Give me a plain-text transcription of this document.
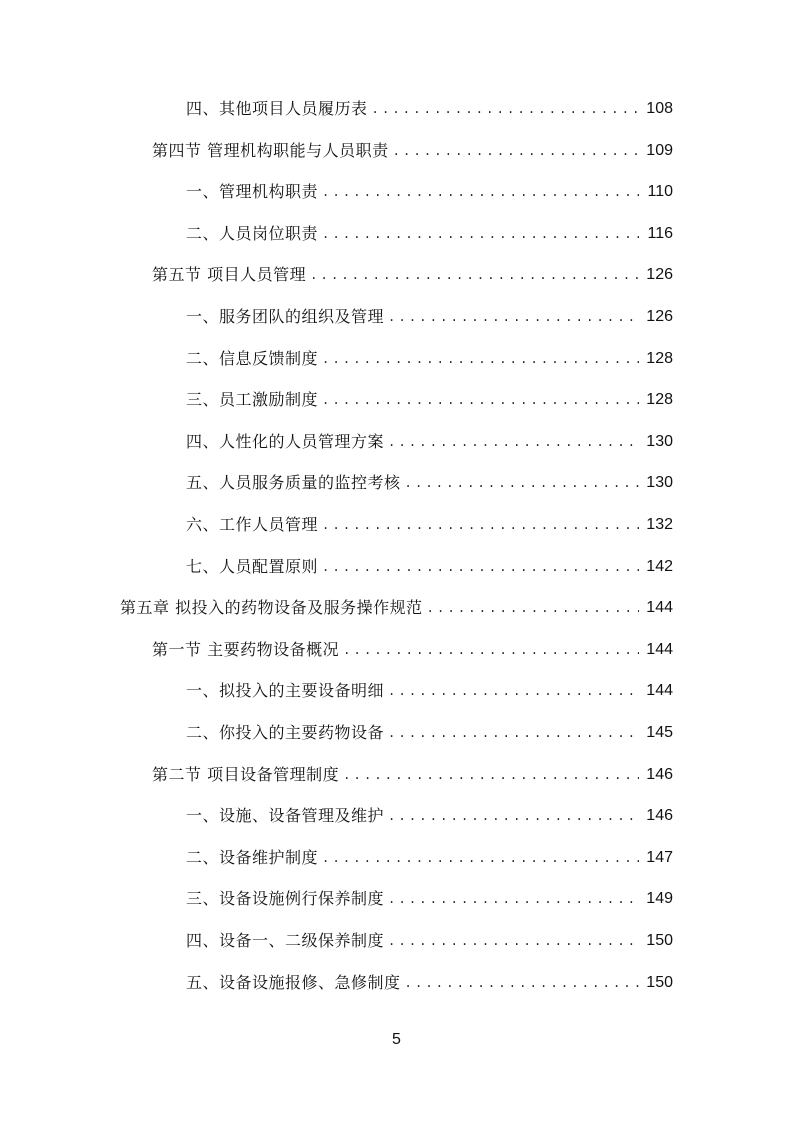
四、其他项目人员履历表 .....	108
第四节 管理机构职能与人员职责 .....	109
一、管理机构职责 .....	110
二、人员岗位职责 .....	116
第五节 项目人员管理 .....	126
一、服务团队的组织及管理 .....	126
二、信息反馈制度 .....	128
三、员工激励制度 .....	128
四、人性化的人员管理方案 .....	130
五、人员服务质量的监控考核 .....	130
六、工作人员管理 .....	132
七、人员配置原则 .....	142
第五章 拟投入的药物设备及服务操作规范 .....	144
第一节 主要药物设备概况 .....	144
一、拟投入的主要设备明细 .....	144
二、你投入的主要药物设备 .....	145
第二节 项目设备管理制度 .....	146
一、设施、设备管理及维护 .....	146
二、设备维护制度 .....	147
三、设备设施例行保养制度 .....	149
四、设备一、二级保养制度 .....	150
五、设备设施报修、急修制度 .....	150
5
